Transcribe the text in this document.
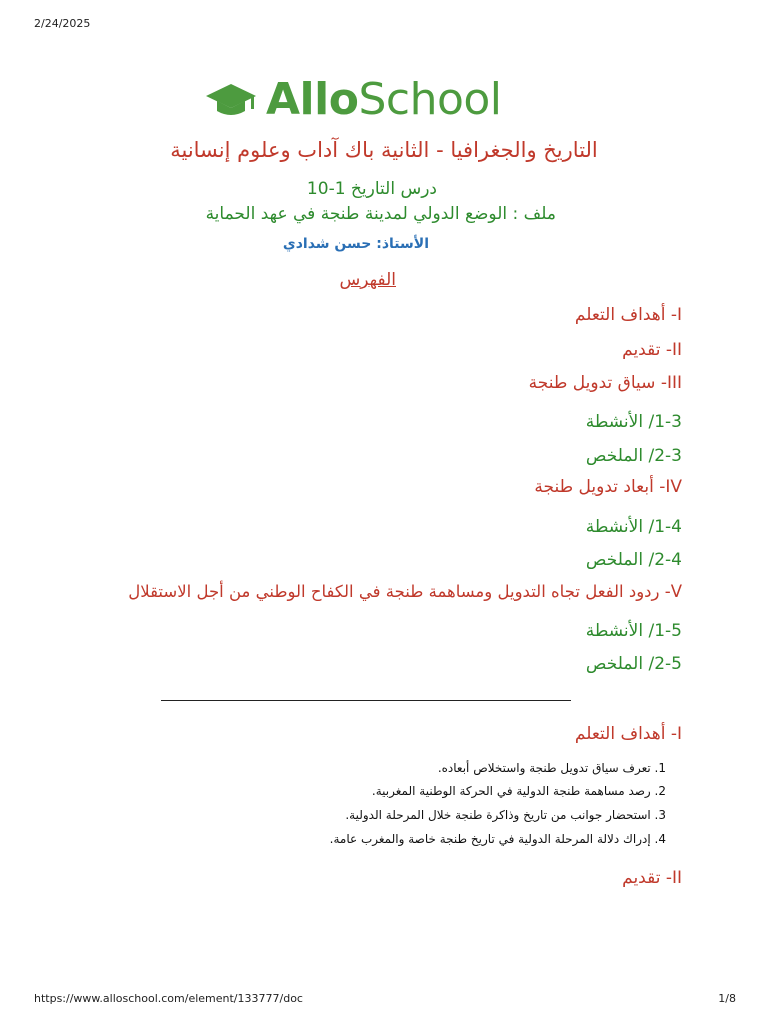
2/24/2025
AlloSchool
التاريخ والجغرافيا - الثانية باك آداب وعلوم إنسانية
درس التاريخ 1-10
ملف : الوضع الدولي لمدينة طنجة في عهد الحماية
الأستاذ: حسن شدادي
الفهرس
I- أهداف التعلم
II- تقديم
III- سياق تدويل طنجة
1-3/ الأنشطة
2-3/ الملخص
IV- أبعاد تدويل طنجة
1-4/ الأنشطة
2-4/ الملخص
V- ردود الفعل تجاه التدويل ومساهمة طنجة في الكفاح الوطني من أجل الاستقلال
1-5/ الأنشطة
2-5/ الملخص
I- أهداف التعلم
1. تعرف سياق تدويل طنجة واستخلاص أبعاده.
2. رصد مساهمة طنجة الدولية في الحركة الوطنية المغربية.
3. استحضار جوانب من تاريخ وذاكرة طنجة خلال المرحلة الدولية.
4. إدراك دلالة المرحلة الدولية في تاريخ طنجة خاصة والمغرب عامة.
II- تقديم
https://www.alloschool.com/element/133777/doc	1/8
